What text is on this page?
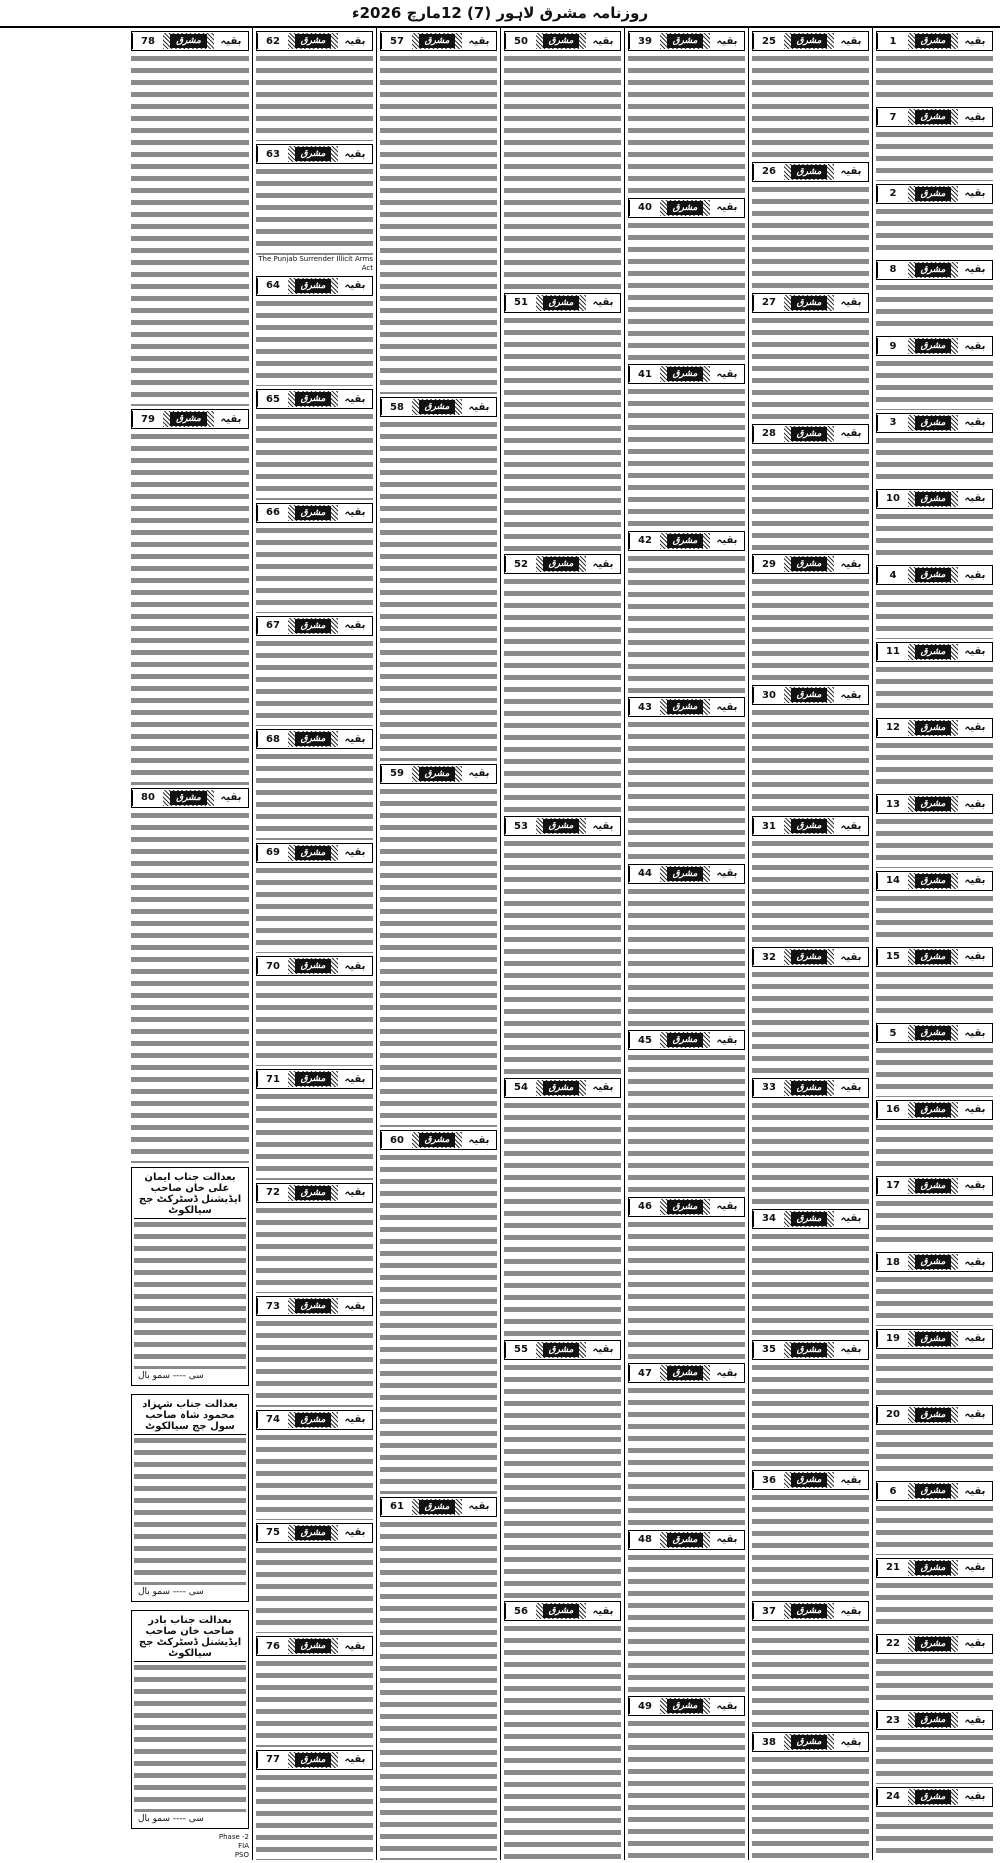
روزنامہ مشرق لاہور (7) 12مارچ 2026ء
بقیہ
مشرق
1
بقیہ
مشرق
7
بقیہ
مشرق
2
بقیہ
مشرق
8
بقیہ
مشرق
9
بقیہ
مشرق
3
بقیہ
مشرق
10
بقیہ
مشرق
4
بقیہ
مشرق
11
بقیہ
مشرق
12
بقیہ
مشرق
13
بقیہ
مشرق
14
بقیہ
مشرق
15
بقیہ
مشرق
5
بقیہ
مشرق
16
بقیہ
مشرق
17
بقیہ
مشرق
18
بقیہ
مشرق
19
بقیہ
مشرق
20
بقیہ
مشرق
6
بقیہ
مشرق
21
بقیہ
مشرق
22
بقیہ
مشرق
23
بقیہ
مشرق
24
بقیہ
مشرق
25
بقیہ
مشرق
26
بقیہ
مشرق
27
بقیہ
مشرق
28
بقیہ
مشرق
29
بقیہ
مشرق
30
بقیہ
مشرق
31
بقیہ
مشرق
32
بقیہ
مشرق
33
بقیہ
مشرق
34
بقیہ
مشرق
35
بقیہ
مشرق
36
بقیہ
مشرق
37
بقیہ
مشرق
38
بقیہ
مشرق
39
بقیہ
مشرق
40
بقیہ
مشرق
41
بقیہ
مشرق
42
بقیہ
مشرق
43
بقیہ
مشرق
44
بقیہ
مشرق
45
بقیہ
مشرق
46
بقیہ
مشرق
47
بقیہ
مشرق
48
بقیہ
مشرق
49
بقیہ
مشرق
50
بقیہ
مشرق
51
بقیہ
مشرق
52
بقیہ
مشرق
53
بقیہ
مشرق
54
بقیہ
مشرق
55
بقیہ
مشرق
56
بقیہ
مشرق
57
بقیہ
مشرق
58
بقیہ
مشرق
59
بقیہ
مشرق
60
بقیہ
مشرق
61
بقیہ
مشرق
62
بقیہ
مشرق
63
The Punjab Surrender Illicit Arms Act
بقیہ
مشرق
64
بقیہ
مشرق
65
بقیہ
مشرق
66
بقیہ
مشرق
67
بقیہ
مشرق
68
بقیہ
مشرق
69
بقیہ
مشرق
70
بقیہ
مشرق
71
بقیہ
مشرق
72
بقیہ
مشرق
73
بقیہ
مشرق
74
بقیہ
مشرق
75
بقیہ
مشرق
76
بقیہ
مشرق
77
بقیہ
مشرق
78
بقیہ
مشرق
79
بقیہ
مشرق
80
بعدالت جناب ایمان علی خان صاحب ایڈیشنل ڈسٹرکٹ جج سیالکوٹ
سی ---- سمو بال
بعدالت جناب شہزاد محمود شاہ صاحب سول جج سیالکوٹ
سی ---- سمو بال
بعدالت جناب بادر صاحب خان صاحب ایڈیشنل ڈسٹرکٹ جج سیالکوٹ
سی ---- سمو بال
Phase -2
FIA
PSO
